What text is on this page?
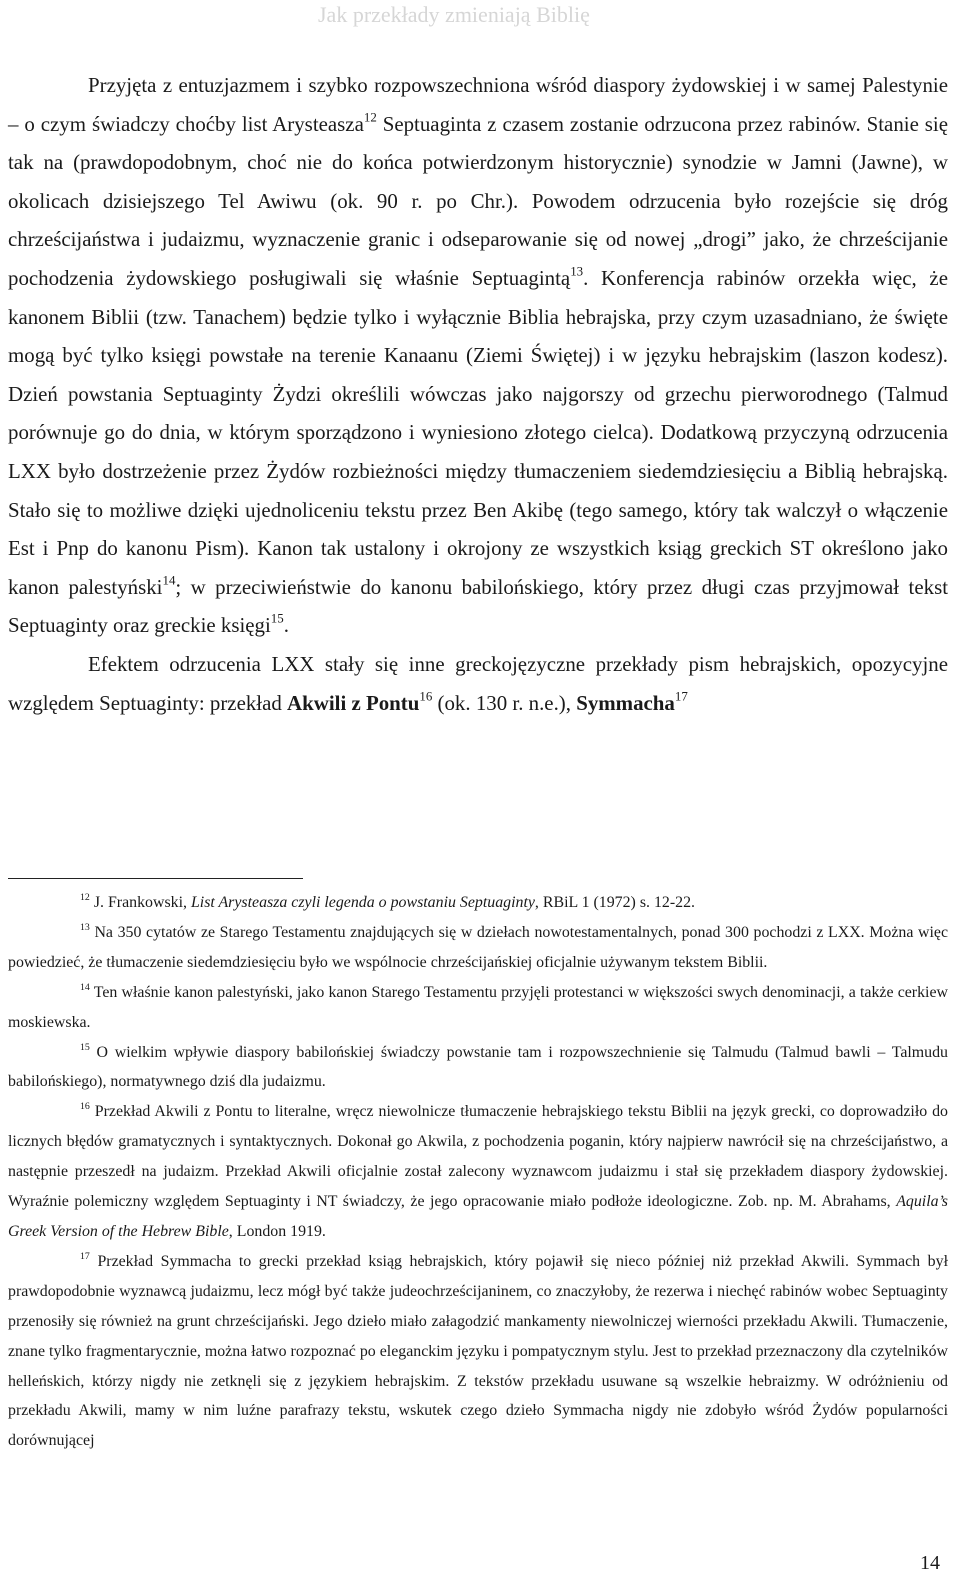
Jak przekłady zmieniają Biblię

Przyjęta z entuzjazmem i szybko rozpowszechniona wśród diaspory żydowskiej i w samej Palestynie – o czym świadczy choćby list Arysteasza$^{12}$ Septuaginta z czasem zostanie odrzucona przez rabinów. Stanie się tak na (prawdopodobnym, choć nie do końca potwierdzonym historycznie) synodzie w Jamni (Jawne), w okolicach dzisiejszego Tel Awiwu (ok. 90 r. po Chr.). Powodem odrzucenia było rozejście się dróg chrześcijaństwa i judaizmu, wyznaczenie granic i odseparowanie się od nowej „drogi” jako, że chrześcijanie pochodzenia żydowskiego posługiwali się właśnie Septuagintą$^{13}$. Konferencja rabinów orzekła więc, że kanonem Biblii (tzw. Tanachem) będzie tylko i wyłącznie Biblia hebrajska, przy czym uzasadniano, że święte mogą być tylko księgi powstałe na terenie Kanaanu (Ziemi Świętej) i w języku hebrajskim (laszon kodesz). Dzień powstania Septuaginty Żydzi określili wówczas jako najgorszy od grzechu pierworodnego (Talmud porównuje go do dnia, w którym sporządzono i wyniesiono złotego cielca). Dodatkową przyczyną odrzucenia LXX było dostrzeżenie przez Żydów rozbieżności między tłumaczeniem siedemdziesięciu a Biblią hebrajską. Stało się to możliwe dzięki ujednoliceniu tekstu przez Ben Akibę (tego samego, który tak walczył o włączenie Est i Pnp do kanonu Pism). Kanon tak ustalony i okrojony ze wszystkich ksiąg greckich ST określono jako kanon palestyński$^{14}$; w przeciwieństwie do kanonu babilońskiego, który przez długi czas przyjmował tekst Septuaginty oraz greckie księgi$^{15}$.

Efektem odrzucenia LXX stały się inne greckojęzyczne przekłady pism hebrajskich, opozycyjne względem Septuaginty: przekład Akwili z Pontu$^{16}$ (ok. 130 r. n.e.), Symmacha$^{17}$

$^{12}$ J. Frankowski, List Arysteasza czyli legenda o powstaniu Septuaginty, RBiL 1 (1972) s. 12-22.

$^{13}$ Na 350 cytatów ze Starego Testamentu znajdujących się w dziełach nowotestamentalnych, ponad 300 pochodzi z LXX. Można więc powiedzieć, że tłumaczenie siedemdziesięciu było we wspólnocie chrześcijańskiej oficjalnie używanym tekstem Biblii.

$^{14}$ Ten właśnie kanon palestyński, jako kanon Starego Testamentu przyjęli protestanci w większości swych denominacji, a także cerkiew moskiewska.

$^{15}$ O wielkim wpływie diaspory babilońskiej świadczy powstanie tam i rozpowszechnienie się Talmudu (Talmud bawli – Talmudu babilońskiego), normatywnego dziś dla judaizmu.

$^{16}$ Przekład Akwili z Pontu to literalne, wręcz niewolnicze tłumaczenie hebrajskiego tekstu Biblii na język grecki, co doprowadziło do licznych błędów gramatycznych i syntaktycznych. Dokonał go Akwila, z pochodzenia poganin, który najpierw nawrócił się na chrześcijaństwo, a następnie przeszedł na judaizm. Przekład Akwili oficjalnie został zalecony wyznawcom judaizmu i stał się przekładem diaspory żydowskiej. Wyraźnie polemiczny względem Septuaginty i NT świadczy, że jego opracowanie miało podłoże ideologiczne. Zob. np. M. Abrahams, Aquila’s Greek Version of the Hebrew Bible, London 1919.

$^{17}$ Przekład Symmacha to grecki przekład ksiąg hebrajskich, który pojawił się nieco później niż przekład Akwili. Symmach był prawdopodobnie wyznawcą judaizmu, lecz mógł być także judeochrześcijaninem, co znaczyłoby, że rezerwa i niechęć rabinów wobec Septuaginty przenosiły się również na grunt chrześcijański. Jego dzieło miało załagodzić mankamenty niewolniczej wierności przekładu Akwili. Tłumaczenie, znane tylko fragmentarycznie, można łatwo rozpoznać po eleganckim języku i pompatycznym stylu. Jest to przekład przeznaczony dla czytelników helleńskich, którzy nigdy nie zetknęli się z językiem hebrajskim. Z tekstów przekładu usuwane są wszelkie hebraizmy. W odróżnieniu od przekładu Akwili, mamy w nim luźne parafrazy tekstu, wskutek czego dzieło Symmacha nigdy nie zdobyło wśród Żydów popularności dorównującej

14
